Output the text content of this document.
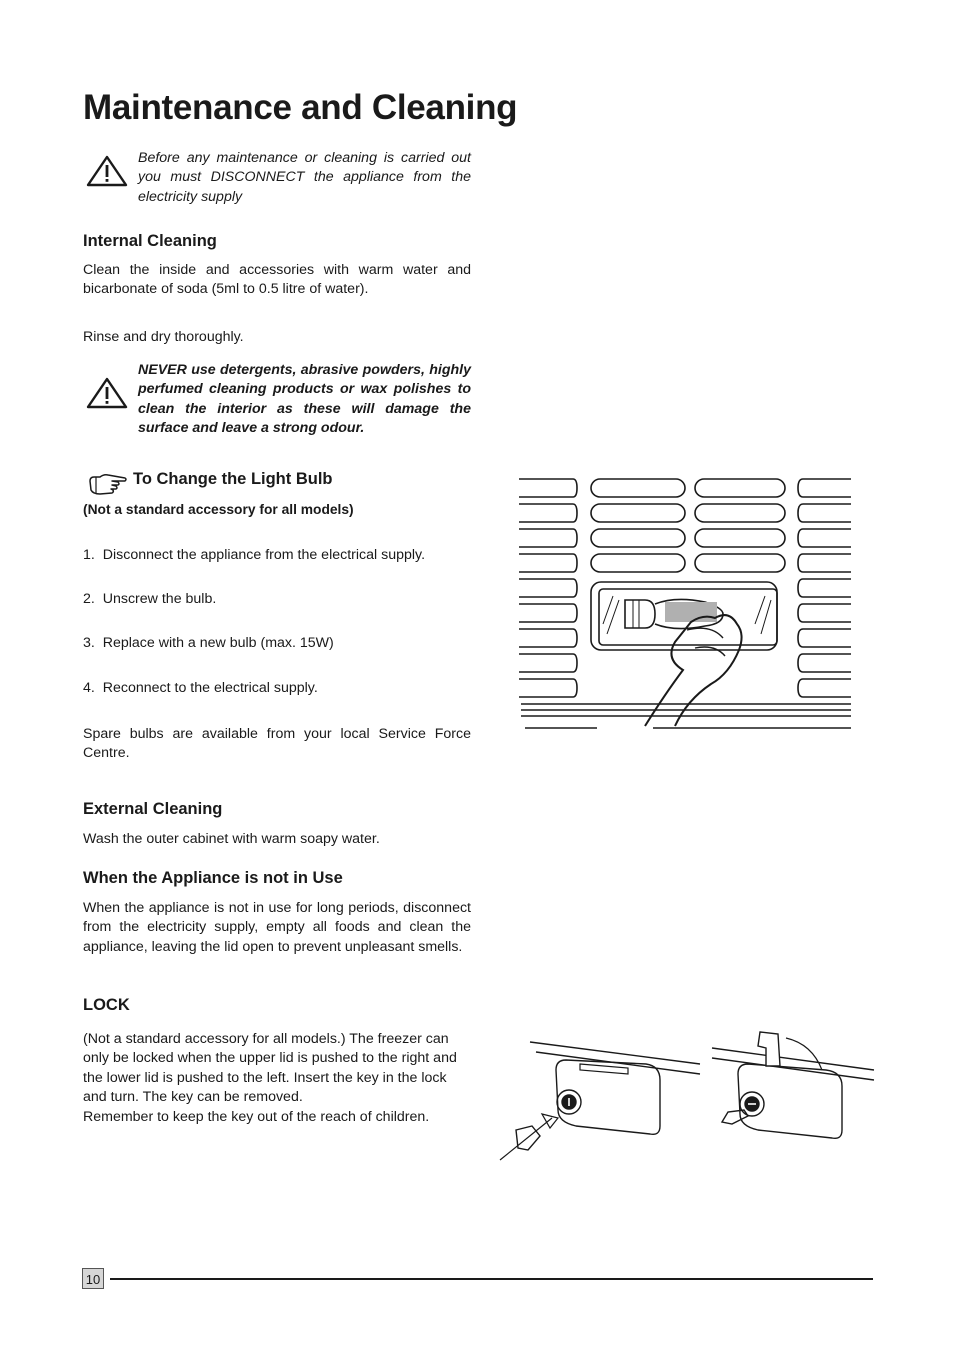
Maintenance and Cleaning

Before any maintenance or cleaning is carried out you must DISCONNECT the appliance from the electricity supply

Internal Cleaning

Clean the inside and accessories with warm water and bicarbonate of soda (5ml to 0.5 litre of water).

Rinse and dry thoroughly.

NEVER use detergents, abrasive powders, highly perfumed cleaning products or wax polishes to clean the interior as these will damage the surface and leave a strong odour.

To Change the Light Bulb

(Not a standard accessory for all models)

1. Disconnect the appliance from the electrical supply.

2. Unscrew the bulb.

3. Replace with a new bulb (max. 15W)

4. Reconnect to the electrical supply.

Spare bulbs are available from your local Service Force Centre.

External Cleaning

Wash the outer cabinet with warm soapy water.

When the Appliance is not in Use

When the appliance is not in use for long periods, disconnect from the electricity supply, empty all foods and clean the appliance, leaving the lid open to prevent unpleasant smells.

LOCK

(Not a standard accessory for all models.) The freezer can only be locked when the upper lid is pushed to the right and the lower lid is pushed to the left. Insert the key in the lock and turn. The key can be removed.

Remember to keep the key out of the reach of children.

10
